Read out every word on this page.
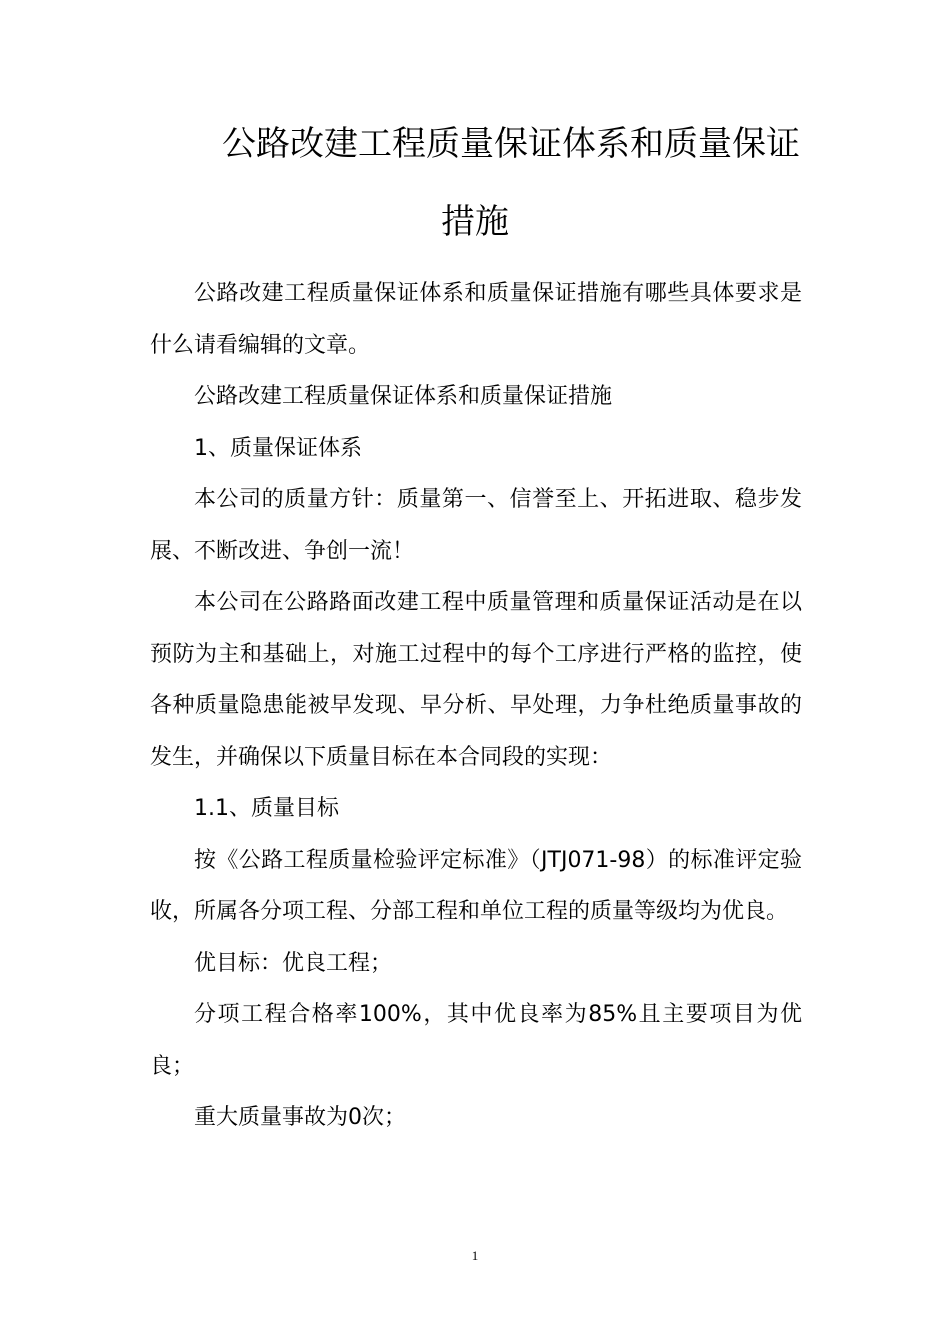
公路改建工程质量保证体系和质量保证
措施

公路改建工程质量保证体系和质量保证措施有哪些具体要求是什么请看编辑的文章。

公路改建工程质量保证体系和质量保证措施

1、质量保证体系

本公司的质量方针：质量第一、信誉至上、开拓进取、稳步发展、不断改进、争创一流！

本公司在公路路面改建工程中质量管理和质量保证活动是在以预防为主和基础上，对施工过程中的每个工序进行严格的监控，使各种质量隐患能被早发现、早分析、早处理，力争杜绝质量事故的发生，并确保以下质量目标在本合同段的实现：

1.1、质量目标

按《公路工程质量检验评定标准》（JTJ071-98）的标准评定验收，所属各分项工程、分部工程和单位工程的质量等级均为优良。

优目标：优良工程；

分项工程合格率100%，其中优良率为85%且主要项目为优良；

重大质量事故为0次；

1
